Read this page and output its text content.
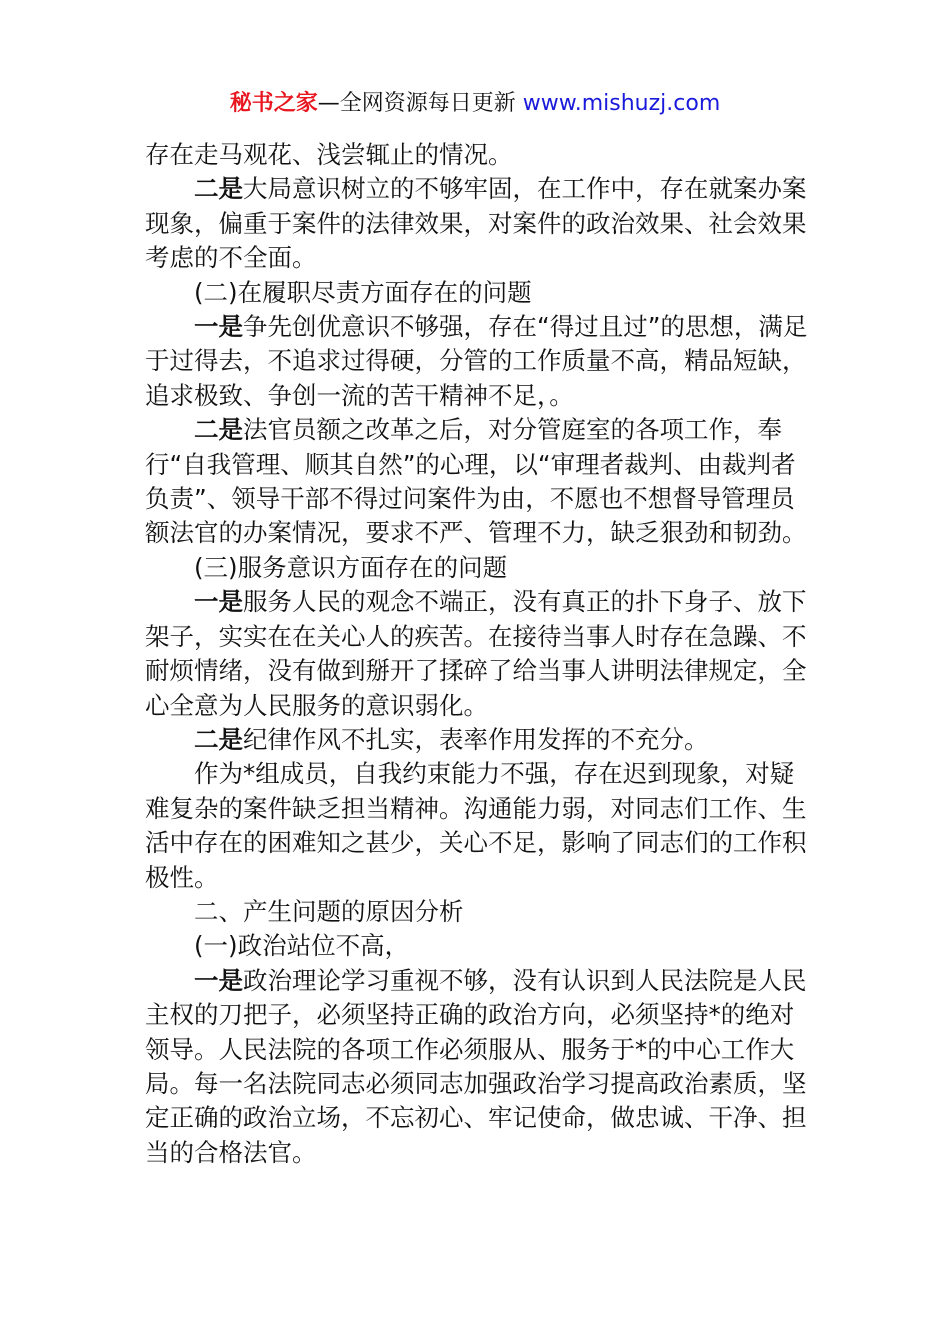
秘书之家—全网资源每日更新 www.mishuzj.com

存在走马观花、浅尝辄止的情况。

二是大局意识树立的不够牢固，在工作中，存在就案办案现象，偏重于案件的法律效果，对案件的政治效果、社会效果考虑的不全面。

(二)在履职尽责方面存在的问题

一是争先创优意识不够强，存在“得过且过”的思想，满足于过得去，不追求过得硬，分管的工作质量不高，精品短缺，追求极致、争创一流的苦干精神不足，。

二是法官员额之改革之后，对分管庭室的各项工作，奉行“自我管理、顺其自然”的心理，以“审理者裁判、由裁判者负责”、领导干部不得过问案件为由，不愿也不想督导管理员额法官的办案情况，要求不严、管理不力，缺乏狠劲和韧劲。

(三)服务意识方面存在的问题

一是服务人民的观念不端正，没有真正的扑下身子、放下架子，实实在在关心人的疾苦。在接待当事人时存在急躁、不耐烦情绪，没有做到掰开了揉碎了给当事人讲明法律规定，全心全意为人民服务的意识弱化。

二是纪律作风不扎实，表率作用发挥的不充分。

作为*组成员，自我约束能力不强，存在迟到现象，对疑难复杂的案件缺乏担当精神。沟通能力弱，对同志们工作、生活中存在的困难知之甚少，关心不足，影响了同志们的工作积极性。

二、产生问题的原因分析

(一)政治站位不高，

一是政治理论学习重视不够，没有认识到人民法院是人民主权的刀把子，必须坚持正确的政治方向，必须坚持*的绝对领导。人民法院的各项工作必须服从、服务于*的中心工作大局。每一名法院同志必须同志加强政治学习提高政治素质，坚定正确的政治立场，不忘初心、牢记使命，做忠诚、干净、担当的合格法官。
